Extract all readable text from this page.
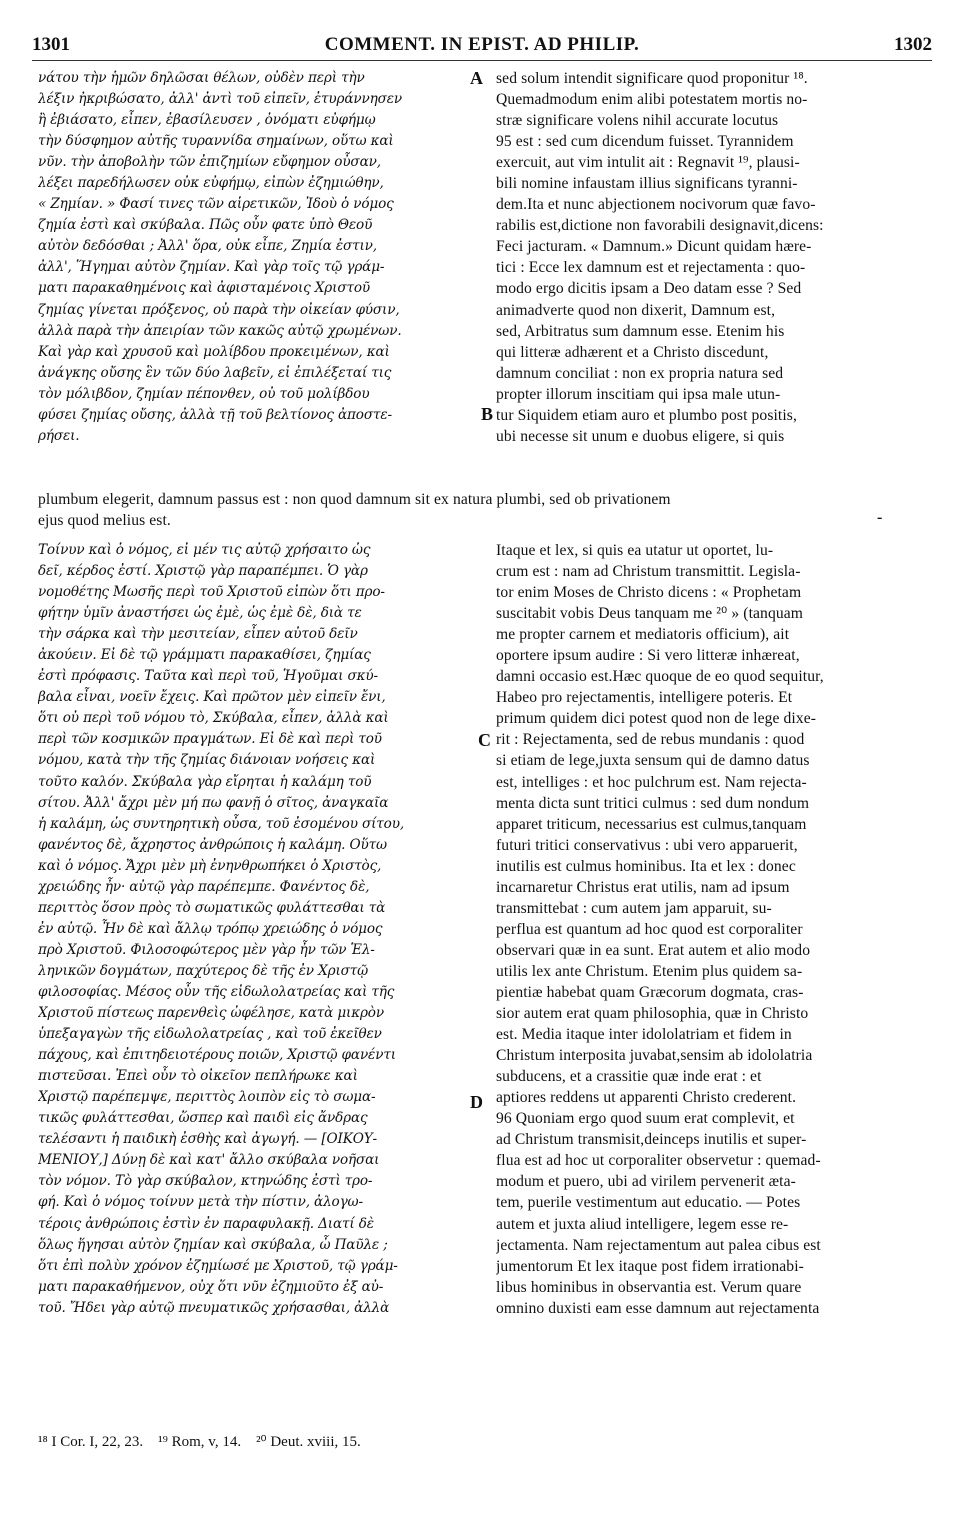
1301	COMMENT. IN EPIST. AD PHILIP.	1302
νάτου τὴν ἡμῶν δηλῶσαι θέλων, οὐδὲν περὶ τὴν
λέξιν ἠκριβώσατο, ἀλλ' ἀντὶ τοῦ εἰπεῖν, ἐτυράννησεν
ἢ ἐβιάσατο, εἶπεν, ἐβασίλευσεν , ὀνόματι εὐφήμῳ
τὴν δύσφημον αὐτῆς τυραννίδα σημαίνων, οὕτω καὶ
νῦν. τὴν ἀποβολὴν τῶν ἐπιζημίων εὔφημον οὖσαν,
λέξει παρεδήλωσεν οὐκ εὐφήμῳ, εἰπὼν ἐζημιώθην,
« Ζημίαν. » Φασί τινες τῶν αἱρετικῶν, Ἰδοὺ ὁ νόμος
ζημία ἐστὶ καὶ σκύβαλα. Πῶς οὖν φατε ὑπὸ Θεοῦ
αὐτὸν δεδόσθαι ; Ἀλλ' ὅρα, οὐκ εἶπε, Ζημία ἐστιν,
ἀλλ', Ἥγημαι αὐτὸν ζημίαν. Καὶ γὰρ τοῖς τῷ γράμ-
ματι παρακαθημένοις καὶ ἀφισταμένοις Χριστοῦ
ζημίας γίνεται πρόξενος, οὐ παρὰ τὴν οἰκείαν φύσιν,
ἀλλὰ παρὰ τὴν ἀπειρίαν τῶν κακῶς αὐτῷ χρωμένων.
Καὶ γὰρ καὶ χρυσοῦ καὶ μολίβδου προκειμένων, καὶ
ἀνάγκης οὔσης ἓν τῶν δύο λαβεῖν, εἰ ἐπιλέξεταί τις
τὸν μόλιβδον, ζημίαν πέπονθεν, οὐ τοῦ μολίβδου
φύσει ζημίας οὔσης, ἀλλὰ τῇ τοῦ βελτίονος ἀποστε-
ρήσει.
sed solum intendit significare quod proponitur ¹⁸.
Quemadmodum enim alibi potestatem mortis no-
stræ significare volens nihil accurate locutus
95 est : sed cum dicendum fuisset. Tyrannidem
exercuit, aut vim intulit ait : Regnavit ¹⁹, plausi-
bili nomine infaustam illius significans tyranni-
dem.Ita et nunc abjectionem nocivorum quæ favo-
rabilis est,dictione non favorabili designavit,dicens:
Feci jacturam. « Damnum.» Dicunt quidam hære-
tici : Ecce lex damnum est et rejectamenta : quo-
modo ergo dicitis ipsam a Deo datam esse ? Sed
animadverte quod non dixerit, Damnum est,
sed, Arbitratus sum damnum esse. Etenim his
qui litteræ adhærent et a Christo discedunt,
damnum conciliat : non ex propria natura sed
propter illorum inscitiam qui ipsa male utun-
tur Siquidem etiam auro et plumbo post positis,
ubi necesse sit unum e duobus eligere, si quis
A
B
plumbum elegerit, damnum passus est : non quod damnum sit ex natura plumbi, sed ob privationem
ejus quod melius est.	-
Τοίνυν καὶ ὁ νόμος, εἰ μέν τις αὐτῷ χρήσαιτο ὡς
δεῖ, κέρδος ἐστί. Χριστῷ γὰρ παραπέμπει. Ὁ γὰρ
νομοθέτης Μωσῆς περὶ τοῦ Χριστοῦ εἰπὼν ὅτι προ-
φήτην ὑμῖν ἀναστήσει ὡς ἐμὲ, ὡς ἐμὲ δὲ, διὰ τε
τὴν σάρκα καὶ τὴν μεσιτείαν, εἶπεν αὐτοῦ δεῖν
ἀκούειν. Εἰ δὲ τῷ γράμματι παρακαθίσει, ζημίας
ἐστὶ πρόφασις. Ταῦτα καὶ περὶ τοῦ, Ἡγοῦμαι σκύ-
βαλα εἶναι, νοεῖν ἔχεις. Καὶ πρῶτον μὲν εἰπεῖν ἔνι,
ὅτι οὐ περὶ τοῦ νόμου τὸ, Σκύβαλα, εἶπεν, ἀλλὰ καὶ
περὶ τῶν κοσμικῶν πραγμάτων. Εἰ δὲ καὶ περὶ τοῦ
νόμου, κατὰ τὴν τῆς ζημίας διάνοιαν νοήσεις καὶ
τοῦτο καλόν. Σκύβαλα γὰρ εἴρηται ἡ καλάμη τοῦ
σίτου. Ἀλλ' ἄχρι μὲν μή πω φανῇ ὁ σῖτος, ἀναγκαῖα
ἡ καλάμη, ὡς συντηρητικὴ οὖσα, τοῦ ἐσομένου σίτου,
φανέντος δὲ, ἄχρηστος ἀνθρώποις ἡ καλάμη. Οὕτω
καὶ ὁ νόμος. Ἄχρι μὲν μὴ ἐνηνθρωπήκει ὁ Χριστὸς,
χρειώδης ἦν· αὐτῷ γὰρ παρέπεμπε. Φανέντος δὲ,
περιττὸς ὅσον πρὸς τὸ σωματικῶς φυλάττεσθαι τὰ
ἐν αὐτῷ. Ἦν δὲ καὶ ἄλλῳ τρόπῳ χρειώδης ὁ νόμος
πρὸ Χριστοῦ. Φιλοσοφώτερος μὲν γὰρ ἦν τῶν Ἑλ-
ληνικῶν δογμάτων, παχύτερος δὲ τῆς ἐν Χριστῷ
φιλοσοφίας. Μέσος οὖν τῆς εἰδωλολατρείας καὶ τῆς
Χριστοῦ πίστεως παρενθεὶς ὠφέλησε, κατὰ μικρὸν
ὑπεξαγαγὼν τῆς εἰδωλολατρείας , καὶ τοῦ ἐκεῖθεν
πάχους, καὶ ἐπιτηδειοτέρους ποιῶν, Χριστῷ φανέντι
πιστεῦσαι. Ἐπεὶ οὖν τὸ οἰκεῖον πεπλήρωκε καὶ
Χριστῷ παρέπεμψε, περιττὸς λοιπὸν εἰς τὸ σωμα-
τικῶς φυλάττεσθαι, ὥσπερ καὶ παιδὶ εἰς ἄνδρας
τελέσαντι ἡ παιδικὴ ἐσθὴς καὶ ἀγωγή. — [ΟΙΚΟΥ-
ΜΕΝΙΟΥ,] Δύνῃ δὲ καὶ κατ' ἄλλο σκύβαλα νοῆσαι
τὸν νόμον. Τὸ γὰρ σκύβαλον, κτηνώδης ἐστὶ τρο-
φή. Καὶ ὁ νόμος τοίνυν μετὰ τὴν πίστιν, ἀλογω-
τέροις ἀνθρώποις ἐστὶν ἐν παραφυλακῇ. Διατί δὲ
ὅλως ἥγησαι αὐτὸν ζημίαν καὶ σκύβαλα, ὦ Παῦλε ;
ὅτι ἐπὶ πολὺν χρόνον ἐζημίωσέ με Χριστοῦ, τῷ γράμ-
ματι παρακαθήμενον, οὐχ ὅτι νῦν ἐζημιοῦτο ἐξ αὐ-
τοῦ. Ἤδει γὰρ αὐτῷ πνευματικῶς χρήσασθαι, ἀλλὰ
Itaque et lex, si quis ea utatur ut oportet, lu-
crum est : nam ad Christum transmittit. Legisla-
tor enim Moses de Christo dicens : « Prophetam
suscitabit vobis Deus tanquam me ²⁰ » (tanquam
me propter carnem et mediatoris officium), ait
oportere ipsum audire : Si vero litteræ inhæreat,
damni occasio est.Hæc quoque de eo quod sequitur,
Habeo pro rejectamentis, intelligere poteris. Et
primum quidem dici potest quod non de lege dixe-
rit : Rejectamenta, sed de rebus mundanis : quod
si etiam de lege,juxta sensum qui de damno datus
est, intelliges : et hoc pulchrum est. Nam rejecta-
menta dicta sunt tritici culmus : sed dum nondum
apparet triticum, necessarius est culmus,tanquam
futuri tritici conservativus : ubi vero apparuerit,
inutilis est culmus hominibus. Ita et lex : donec
incarnaretur Christus erat utilis, nam ad ipsum
transmittebat : cum autem jam apparuit, su-
perflua est quantum ad hoc quod est corporaliter
observari quæ in ea sunt. Erat autem et alio modo
utilis lex ante Christum. Etenim plus quidem sa-
pientiæ habebat quam Græcorum dogmata, cras-
sior autem erat quam philosophia, quæ in Christo
est. Media itaque inter idololatriam et fidem in
Christum interposita juvabat,sensim ab idololatria
subducens, et a crassitie quæ inde erat : et
aptiores reddens ut apparenti Christo crederent.
96 Quoniam ergo quod suum erat complevit, et
ad Christum transmisit,deinceps inutilis et super-
flua est ad hoc ut corporaliter observetur : quemad-
modum et puero, ubi ad virilem pervenerit æta-
tem, puerile vestimentum aut educatio. — Potes
autem et juxta aliud intelligere, legem esse re-
jectamenta. Nam rejectamentum aut palea cibus est
jumentorum Et lex itaque post fidem irrationabi-
libus hominibus in observantia est. Verum quare
omnino duxisti eam esse damnum aut rejectamenta
C
D
¹⁸ I Cor. I, 22, 23.    ¹⁹ Rom, v, 14.    ²⁰ Deut. xviii, 15.
